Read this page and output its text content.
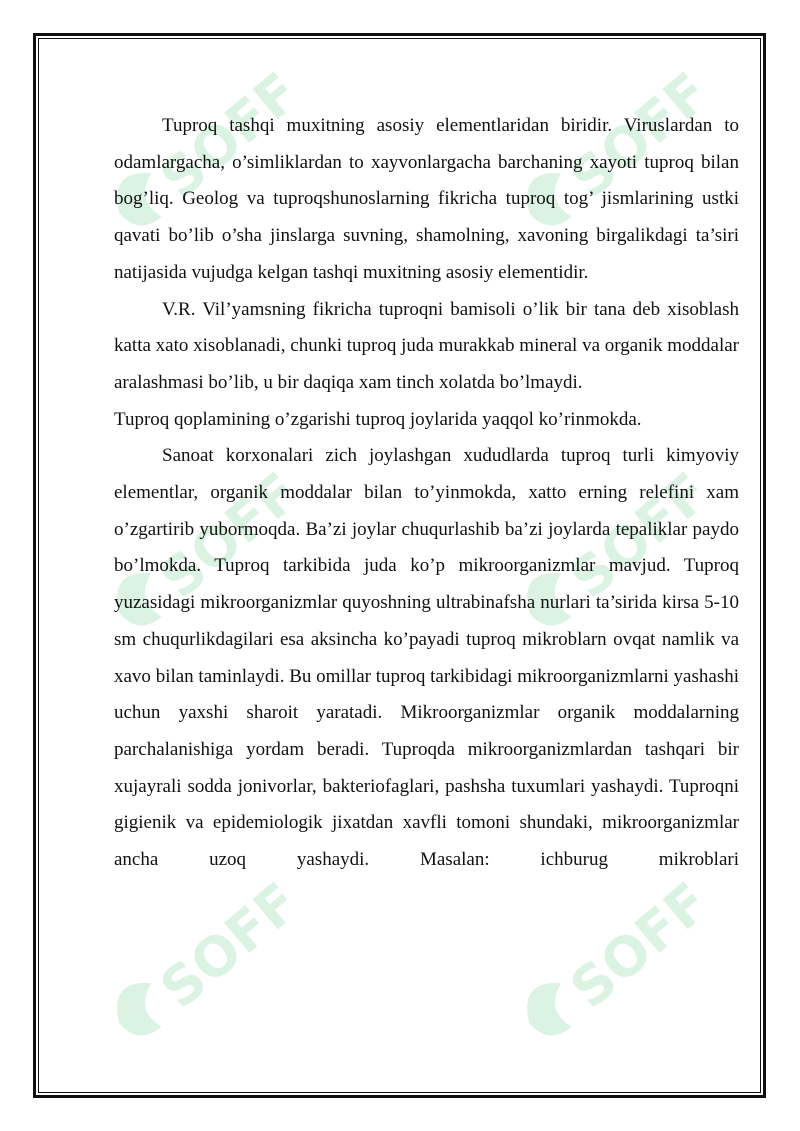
SOFF	SOFF
SOFF	SOFF
SOFF	SOFF

Tuproq tashqi muxitning asosiy elementlaridan biridir. Viruslardan to odamlargacha, o’simliklardan to xayvonlargacha barchaning xayoti tuproq bilan bog’liq. Geolog va tuproqshunoslarning fikricha tuproq tog’ jismlarining ustki qavati bo’lib o’sha jinslarga suvning, shamolning, xavoning birgalikdagi ta’siri natijasida vujudga kelgan tashqi muxitning asosiy elementidir.

V.R. Vil’yamsning fikricha tuproqni bamisoli o’lik bir tana deb xisoblash katta xato xisoblanadi, chunki tuproq juda murakkab mineral va organik moddalar aralashmasi bo’lib, u bir daqiqa xam tinch xolatda bo’lmaydi.

Tuproq qoplamining o’zgarishi tuproq joylarida yaqqol ko’rinmokda.

Sanoat korxonalari zich joylashgan xududlarda tuproq turli kimyoviy elementlar, organik moddalar bilan to’yinmokda, xatto erning relefini xam o’zgartirib yubormoqda. Ba’zi joylar chuqurlashib ba’zi joylarda tepaliklar paydo bo’lmokda. Tuproq tarkibida juda ko’p mikroorganizmlar mavjud. Tuproq yuzasidagi mikroorganizmlar quyoshning ultrabinafsha nurlari ta’sirida kirsa 5-10 sm chuqurlikdagilari esa aksincha ko’payadi tuproq mikroblarn ovqat namlik va xavo bilan taminlaydi. Bu omillar tuproq tarkibidagi mikroorganizmlarni yashashi uchun yaxshi sharoit yaratadi. Mikroorganizmlar organik moddalarning parchalanishiga yordam beradi. Tuproqda mikroorganizmlardan tashqari bir xujayrali sodda jonivorlar, bakteriofaglari, pashsha tuxumlari yashaydi. Tuproqni gigienik va epidemiologik jixatdan xavfli tomoni shundaki, mikroorganizmlar ancha uzoq yashaydi. Masalan: ichburug mikroblari
